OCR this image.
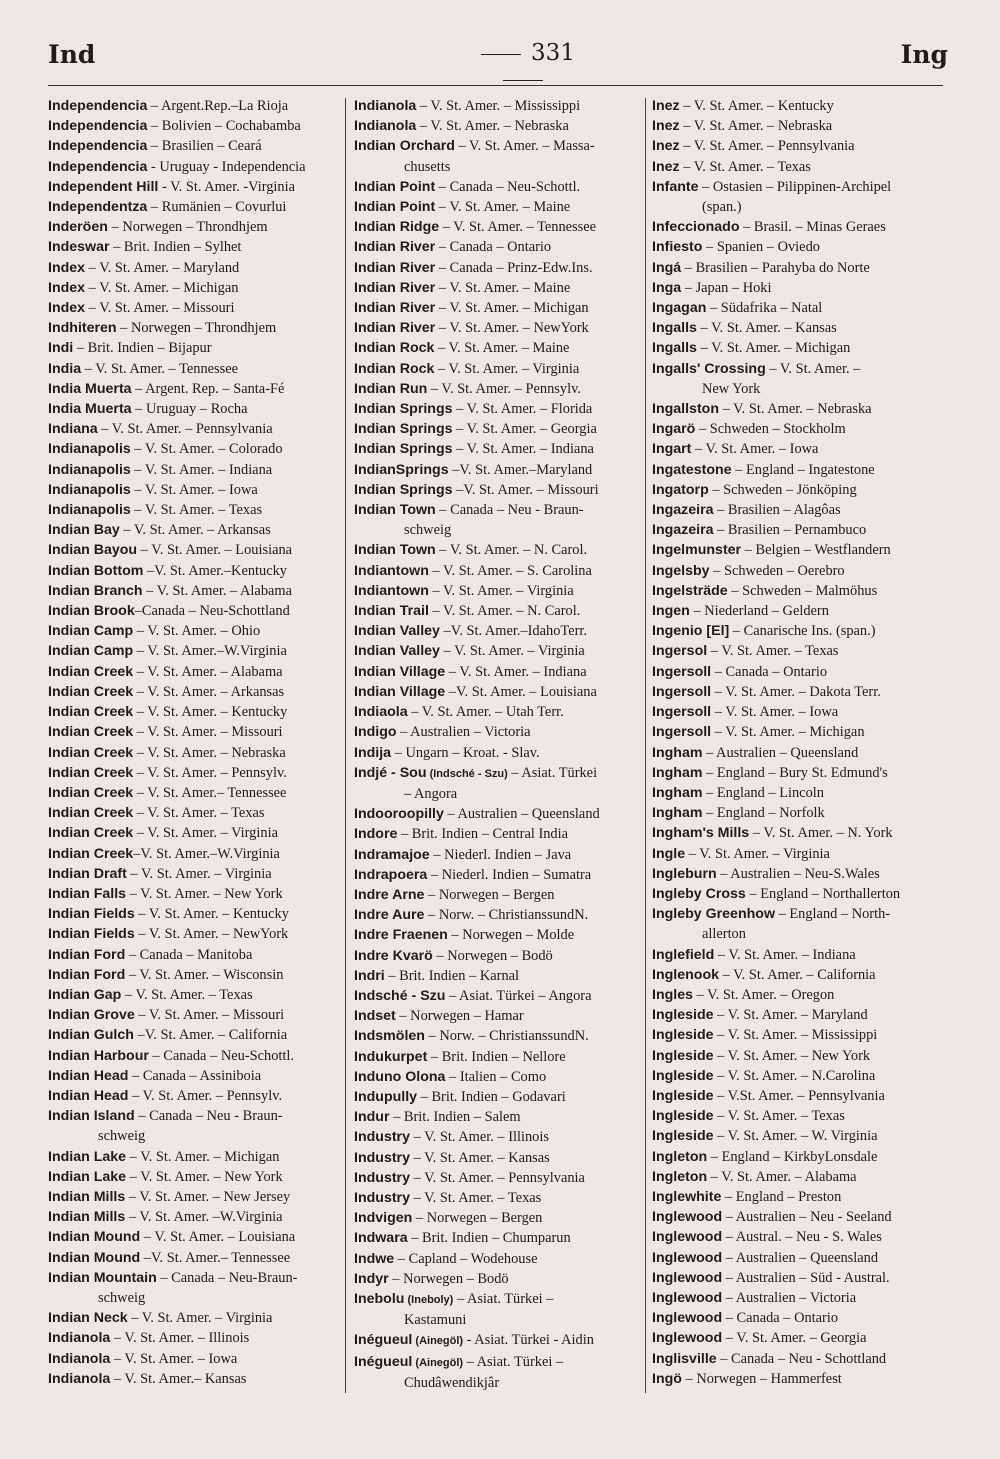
Ind	331	Ing
Independencia – Argent.Rep.–La Rioja
Independencia – Bolivien – Cochabamba
Independencia – Brasilien – Ceará
Independencia - Uruguay - Independencia
Independent Hill - V. St. Amer. -Virginia
Independentza – Rumänien – Covurlui
Inderöen – Norwegen – Throndhjem
Indeswar – Brit. Indien – Sylhet
Index – V. St. Amer. – Maryland
Index – V. St. Amer. – Michigan
Index – V. St. Amer. – Missouri
Indhiteren – Norwegen – Throndhjem
Indi – Brit. Indien – Bijapur
India – V. St. Amer. – Tennessee
India Muerta – Argent. Rep. – Santa-Fé
India Muerta – Uruguay – Rocha
Indiana – V. St. Amer. – Pennsylvania
Indianapolis – V. St. Amer. – Colorado
Indianapolis – V. St. Amer. – Indiana
Indianapolis – V. St. Amer. – Iowa
Indianapolis – V. St. Amer. – Texas
Indian Bay – V. St. Amer. – Arkansas
Indian Bayou – V. St. Amer. – Louisiana
Indian Bottom –V. St. Amer.–Kentucky
Indian Branch – V. St. Amer. – Alabama
Indian Brook–Canada – Neu-Schottland
Indian Camp – V. St. Amer. – Ohio
Indian Camp – V. St. Amer.–W.Virginia
Indian Creek – V. St. Amer. – Alabama
Indian Creek – V. St. Amer. – Arkansas
Indian Creek – V. St. Amer. – Kentucky
Indian Creek – V. St. Amer. – Missouri
Indian Creek – V. St. Amer. – Nebraska
Indian Creek – V. St. Amer. – Pennsylv.
Indian Creek – V. St. Amer.– Tennessee
Indian Creek – V. St. Amer. – Texas
Indian Creek – V. St. Amer. – Virginia
Indian Creek–V. St. Amer.–W.Virginia
Indian Draft – V. St. Amer. – Virginia
Indian Falls – V. St. Amer. – New York
Indian Fields – V. St. Amer. – Kentucky
Indian Fields – V. St. Amer. – NewYork
Indian Ford – Canada – Manitoba
Indian Ford – V. St. Amer. – Wisconsin
Indian Gap – V. St. Amer. – Texas
Indian Grove – V. St. Amer. – Missouri
Indian Gulch –V. St. Amer. – California
Indian Harbour – Canada – Neu-Schottl.
Indian Head – Canada – Assiniboia
Indian Head – V. St. Amer. – Pennsylv.
Indian Island – Canada – Neu - Braun-
schweig
Indian Lake – V. St. Amer. – Michigan
Indian Lake – V. St. Amer. – New York
Indian Mills – V. St. Amer. – New Jersey
Indian Mills – V. St. Amer. –W.Virginia
Indian Mound – V. St. Amer. – Louisiana
Indian Mound –V. St. Amer.– Tennessee
Indian Mountain – Canada – Neu-Braun-
schweig
Indian Neck – V. St. Amer. – Virginia
Indianola – V. St. Amer. – Illinois
Indianola – V. St. Amer. – Iowa
Indianola – V. St. Amer.– Kansas
Indianola – V. St. Amer. – Mississippi
Indianola – V. St. Amer. – Nebraska
Indian Orchard – V. St. Amer. – Massa-
chusetts
Indian Point – Canada – Neu-Schottl.
Indian Point – V. St. Amer. – Maine
Indian Ridge – V. St. Amer. – Tennessee
Indian River – Canada – Ontario
Indian River – Canada – Prinz-Edw.Ins.
Indian River – V. St. Amer. – Maine
Indian River – V. St. Amer. – Michigan
Indian River – V. St. Amer. – NewYork
Indian Rock – V. St. Amer. – Maine
Indian Rock – V. St. Amer. – Virginia
Indian Run – V. St. Amer. – Pennsylv.
Indian Springs – V. St. Amer. – Florida
Indian Springs – V. St. Amer. – Georgia
Indian Springs – V. St. Amer. – Indiana
IndianSprings –V. St. Amer.–Maryland
Indian Springs –V. St. Amer. – Missouri
Indian Town – Canada – Neu - Braun-
schweig
Indian Town – V. St. Amer. – N. Carol.
Indiantown – V. St. Amer. – S. Carolina
Indiantown – V. St. Amer. – Virginia
Indian Trail – V. St. Amer. – N. Carol.
Indian Valley –V. St. Amer.–IdahoTerr.
Indian Valley – V. St. Amer. – Virginia
Indian Village – V. St. Amer. – Indiana
Indian Village –V. St. Amer. – Louisiana
Indiaola – V. St. Amer. – Utah Terr.
Indigo – Australien – Victoria
Indija – Ungarn – Kroat. - Slav.
Indjé - Sou (Indsché - Szu) – Asiat. Türkei
– Angora
Indooroopilly – Australien – Queensland
Indore – Brit. Indien – Central India
Indramajoe – Niederl. Indien – Java
Indrapoera – Niederl. Indien – Sumatra
Indre Arne – Norwegen – Bergen
Indre Aure – Norw. – ChristianssundN.
Indre Fraenen – Norwegen – Molde
Indre Kvarö – Norwegen – Bodö
Indri – Brit. Indien – Karnal
Indsché - Szu – Asiat. Türkei – Angora
Indset – Norwegen – Hamar
Indsmölen – Norw. – ChristianssundN.
Indukurpet – Brit. Indien – Nellore
Induno Olona – Italien – Como
Indupully – Brit. Indien – Godavari
Indur – Brit. Indien – Salem
Industry – V. St. Amer. – Illinois
Industry – V. St. Amer. – Kansas
Industry – V. St. Amer. – Pennsylvania
Industry – V. St. Amer. – Texas
Indvigen – Norwegen – Bergen
Indwara – Brit. Indien – Chumparun
Indwe – Capland – Wodehouse
Indyr – Norwegen – Bodö
Inebolu (Ineboly) – Asiat. Türkei –
Kastamuni
Inégueul (Ainegöl) - Asiat. Türkei - Aidin
Inégueul (Ainegöl) – Asiat. Türkei –
Chudâwendikjâr
Inez – V. St. Amer. – Kentucky
Inez – V. St. Amer. – Nebraska
Inez – V. St. Amer. – Pennsylvania
Inez – V. St. Amer. – Texas
Infante – Ostasien – Pilippinen-Archipel
(span.)
Infeccionado – Brasil. – Minas Geraes
Infiesto – Spanien – Oviedo
Ingá – Brasilien – Parahyba do Norte
Inga – Japan – Hoki
Ingagan – Südafrika – Natal
Ingalls – V. St. Amer. – Kansas
Ingalls – V. St. Amer. – Michigan
Ingalls' Crossing – V. St. Amer. –
New York
Ingallston – V. St. Amer. – Nebraska
Ingarö – Schweden – Stockholm
Ingart – V. St. Amer. – Iowa
Ingatestone – England – Ingatestone
Ingatorp – Schweden – Jönköping
Ingazeira – Brasilien – Alagôas
Ingazeira – Brasilien – Pernambuco
Ingelmunster – Belgien – Westflandern
Ingelsby – Schweden – Oerebro
Ingelsträde – Schweden – Malmöhus
Ingen – Niederland – Geldern
Ingenio [El] – Canarische Ins. (span.)
Ingersol – V. St. Amer. – Texas
Ingersoll – Canada – Ontario
Ingersoll – V. St. Amer. – Dakota Terr.
Ingersoll – V. St. Amer. – Iowa
Ingersoll – V. St. Amer. – Michigan
Ingham – Australien – Queensland
Ingham – England – Bury St. Edmund's
Ingham – England – Lincoln
Ingham – England – Norfolk
Ingham's Mills – V. St. Amer. – N. York
Ingle – V. St. Amer. – Virginia
Ingleburn – Australien – Neu-S.Wales
Ingleby Cross – England – Northallerton
Ingleby Greenhow – England – North-
allerton
Inglefield – V. St. Amer. – Indiana
Inglenook – V. St. Amer. – California
Ingles – V. St. Amer. – Oregon
Ingleside – V. St. Amer. – Maryland
Ingleside – V. St. Amer. – Mississippi
Ingleside – V. St. Amer. – New York
Ingleside – V. St. Amer. – N.Carolina
Ingleside – V.St. Amer. – Pennsylvania
Ingleside – V. St. Amer. – Texas
Ingleside – V. St. Amer. – W. Virginia
Ingleton – England – KirkbyLonsdale
Ingleton – V. St. Amer. – Alabama
Inglewhite – England – Preston
Inglewood – Australien – Neu - Seeland
Inglewood – Austral. – Neu - S. Wales
Inglewood – Australien – Queensland
Inglewood – Australien – Süd - Austral.
Inglewood – Australien – Victoria
Inglewood – Canada – Ontario
Inglewood – V. St. Amer. – Georgia
Inglisville – Canada – Neu - Schottland
Ingö – Norwegen – Hammerfest
